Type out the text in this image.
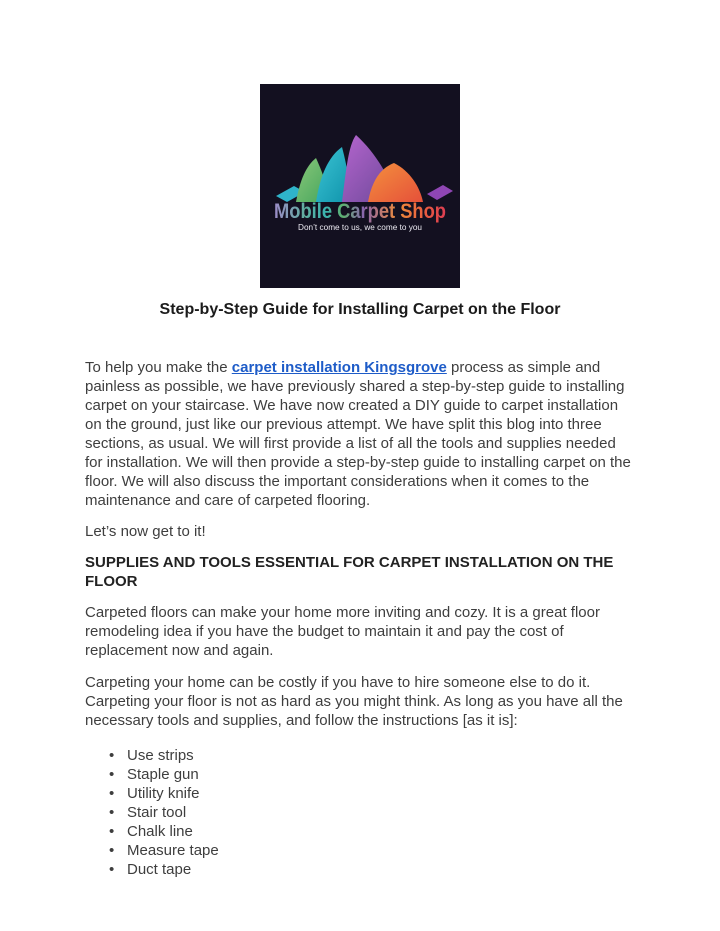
Mobile Carpet Shop
Don’t come to us, we come to you
Step-by-Step Guide for Installing Carpet on the Floor

To help you make the carpet installation Kingsgrove process as simple and painless as possible, we have previously shared a step-by-step guide to installing carpet on your staircase. We have now created a DIY guide to carpet installation on the ground, just like our previous attempt. We have split this blog into three sections, as usual. We will first provide a list of all the tools and supplies needed for installation. We will then provide a step-by-step guide to installing carpet on the floor. We will also discuss the important considerations when it comes to the maintenance and care of carpeted flooring.

Let’s now get to it!

SUPPLIES AND TOOLS ESSENTIAL FOR CARPET INSTALLATION ON THE FLOOR

Carpeted floors can make your home more inviting and cozy. It is a great floor remodeling idea if you have the budget to maintain it and pay the cost of replacement now and again.

Carpeting your home can be costly if you have to hire someone else to do it. Carpeting your floor is not as hard as you might think. As long as you have all the necessary tools and supplies, and follow the instructions [as it is]:

• Use strips
• Staple gun
• Utility knife
• Stair tool
• Chalk line
• Measure tape
• Duct tape
